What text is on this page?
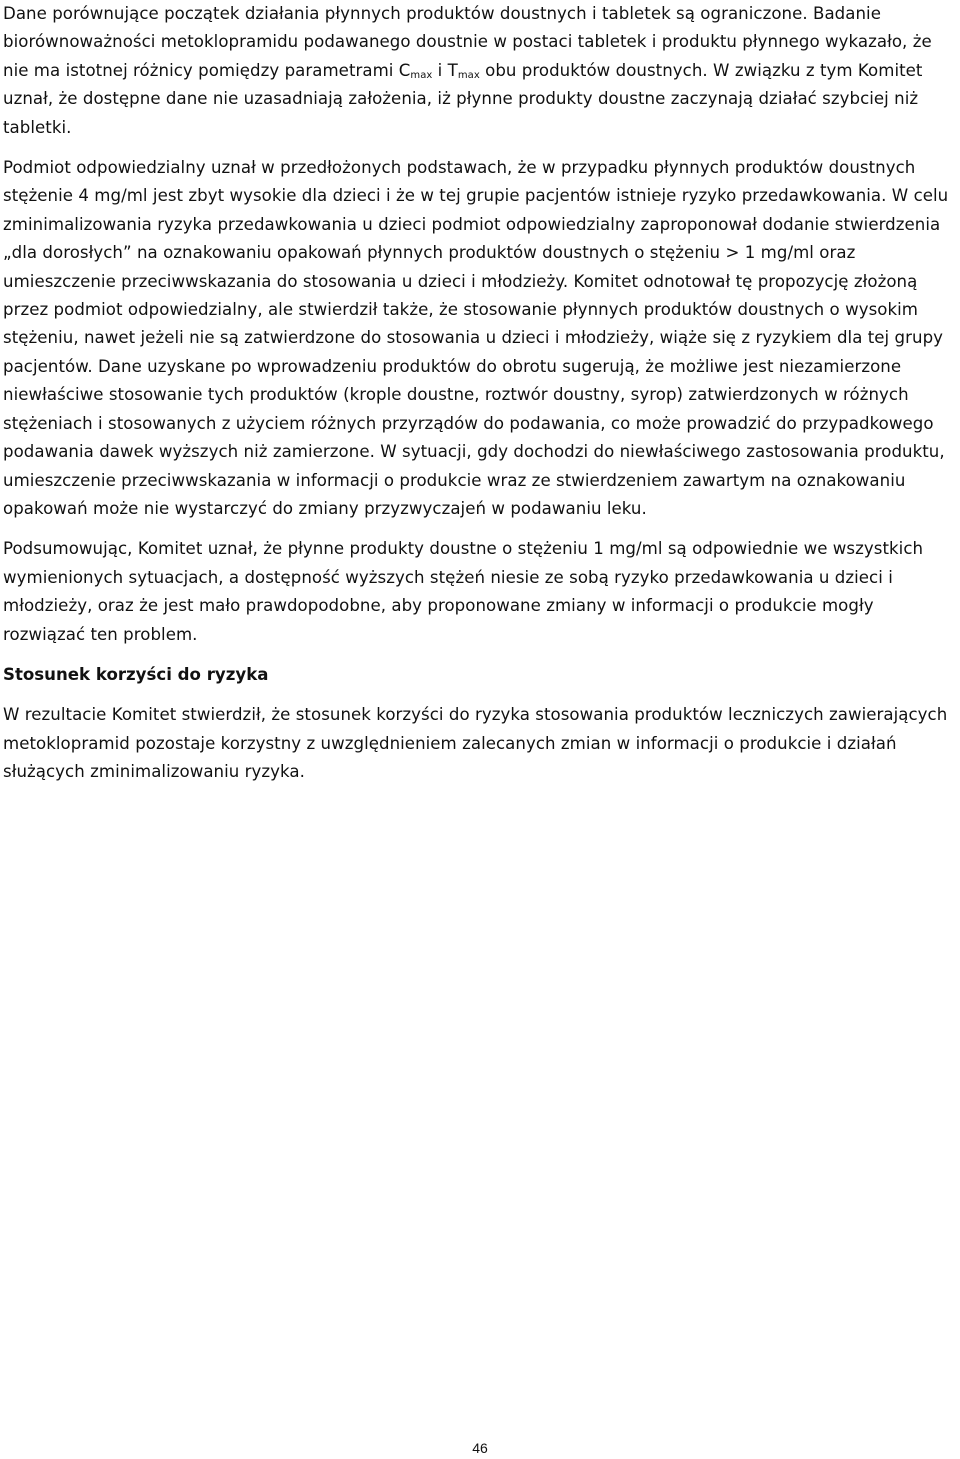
Dane porównujące początek działania płynnych produktów doustnych i tabletek są ograniczone. Badanie biorównoważności metoklopramidu podawanego doustnie w postaci tabletek i produktu płynnego wykazało, że nie ma istotnej różnicy pomiędzy parametrami $C_{max}$ i $T_{max}$ obu produktów doustnych. W związku z tym Komitet uznał, że dostępne dane nie uzasadniają założenia, iż płynne produkty doustne zaczynają działać szybciej niż tabletki.

Podmiot odpowiedzialny uznał w przedłożonych podstawach, że w przypadku płynnych produktów doustnych stężenie 4 mg/ml jest zbyt wysokie dla dzieci i że w tej grupie pacjentów istnieje ryzyko przedawkowania. W celu zminimalizowania ryzyka przedawkowania u dzieci podmiot odpowiedzialny zaproponował dodanie stwierdzenia „dla dorosłych” na oznakowaniu opakowań płynnych produktów doustnych o stężeniu > 1 mg/ml oraz umieszczenie przeciwwskazania do stosowania u dzieci i młodzieży. Komitet odnotował tę propozycję złożoną przez podmiot odpowiedzialny, ale stwierdził także, że stosowanie płynnych produktów doustnych o wysokim stężeniu, nawet jeżeli nie są zatwierdzone do stosowania u dzieci i młodzieży, wiąże się z ryzykiem dla tej grupy pacjentów. Dane uzyskane po wprowadzeniu produktów do obrotu sugerują, że możliwe jest niezamierzone niewłaściwe stosowanie tych produktów (krople doustne, roztwór doustny, syrop) zatwierdzonych w różnych stężeniach i stosowanych z użyciem różnych przyrządów do podawania, co może prowadzić do przypadkowego podawania dawek wyższych niż zamierzone. W sytuacji, gdy dochodzi do niewłaściwego zastosowania produktu, umieszczenie przeciwwskazania w informacji o produkcie wraz ze stwierdzeniem zawartym na oznakowaniu opakowań może nie wystarczyć do zmiany przyzwyczajeń w podawaniu leku.

Podsumowując, Komitet uznał, że płynne produkty doustne o stężeniu 1 mg/ml są odpowiednie we wszystkich wymienionych sytuacjach, a dostępność wyższych stężeń niesie ze sobą ryzyko przedawkowania u dzieci i młodzieży, oraz że jest mało prawdopodobne, aby proponowane zmiany w informacji o produkcie mogły rozwiązać ten problem.

Stosunek korzyści do ryzyka

W rezultacie Komitet stwierdził, że stosunek korzyści do ryzyka stosowania produktów leczniczych zawierających metoklopramid pozostaje korzystny z uwzględnieniem zalecanych zmian w informacji o produkcie i działań służących zminimalizowaniu ryzyka.

46
